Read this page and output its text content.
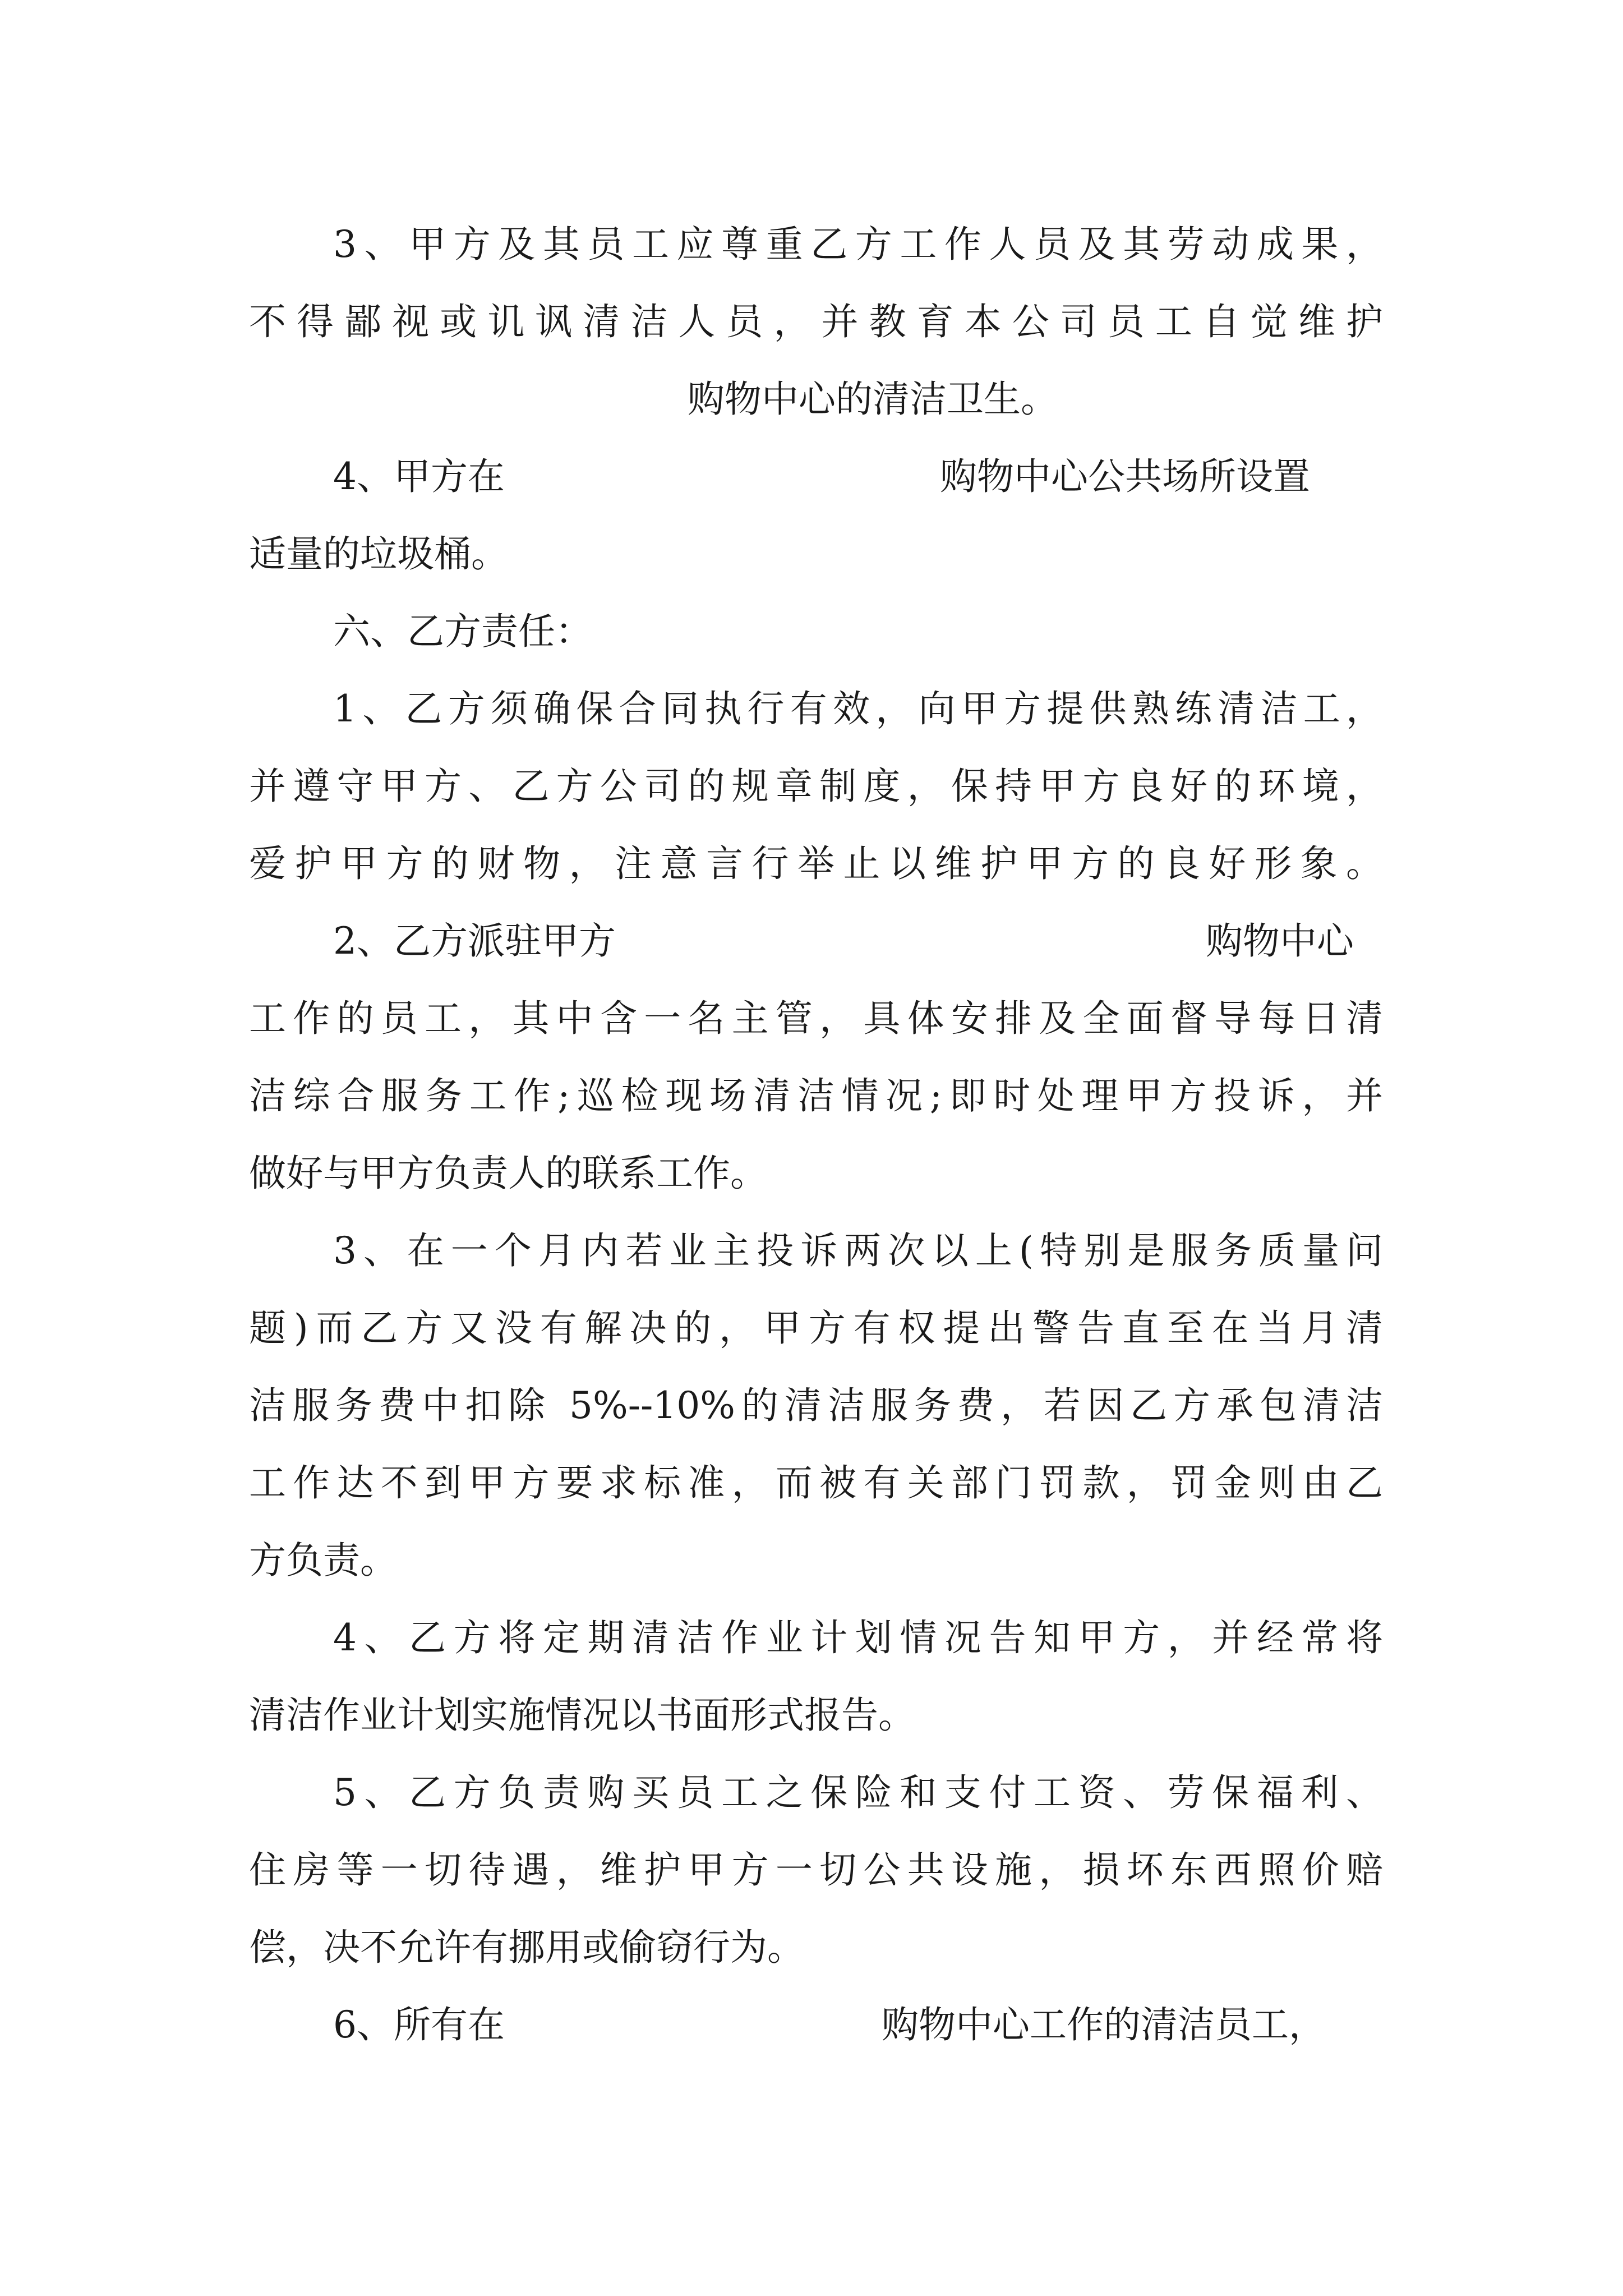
3、甲方及其员工应尊重乙方工作人员及其劳动成果，
不得鄙视或讥讽清洁人员，并教育本公司员工自觉维护
购物中心的清洁卫生。
4、甲方在	购物中心公共场所设置
适量的垃圾桶。
六、乙方责任：
1、乙方须确保合同执行有效，向甲方提供熟练清洁工，
并遵守甲方、乙方公司的规章制度，保持甲方良好的环境，
爱护甲方的财物，注意言行举止以维护甲方的良好形象。
2、乙方派驻甲方	购物中心
工作的员工，其中含一名主管，具体安排及全面督导每日清
洁综合服务工作;巡检现场清洁情况;即时处理甲方投诉，并
做好与甲方负责人的联系工作。
3、在一个月内若业主投诉两次以上(特别是服务质量问
题)而乙方又没有解决的，甲方有权提出警告直至在当月清
洁服务费中扣除 5%--10%的清洁服务费，若因乙方承包清洁
工作达不到甲方要求标准，而被有关部门罚款，罚金则由乙
方负责。
4、乙方将定期清洁作业计划情况告知甲方，并经常将
清洁作业计划实施情况以书面形式报告。
5、乙方负责购买员工之保险和支付工资、劳保福利、
住房等一切待遇，维护甲方一切公共设施，损坏东西照价赔
偿，决不允许有挪用或偷窃行为。
6、所有在	购物中心工作的清洁员工，
